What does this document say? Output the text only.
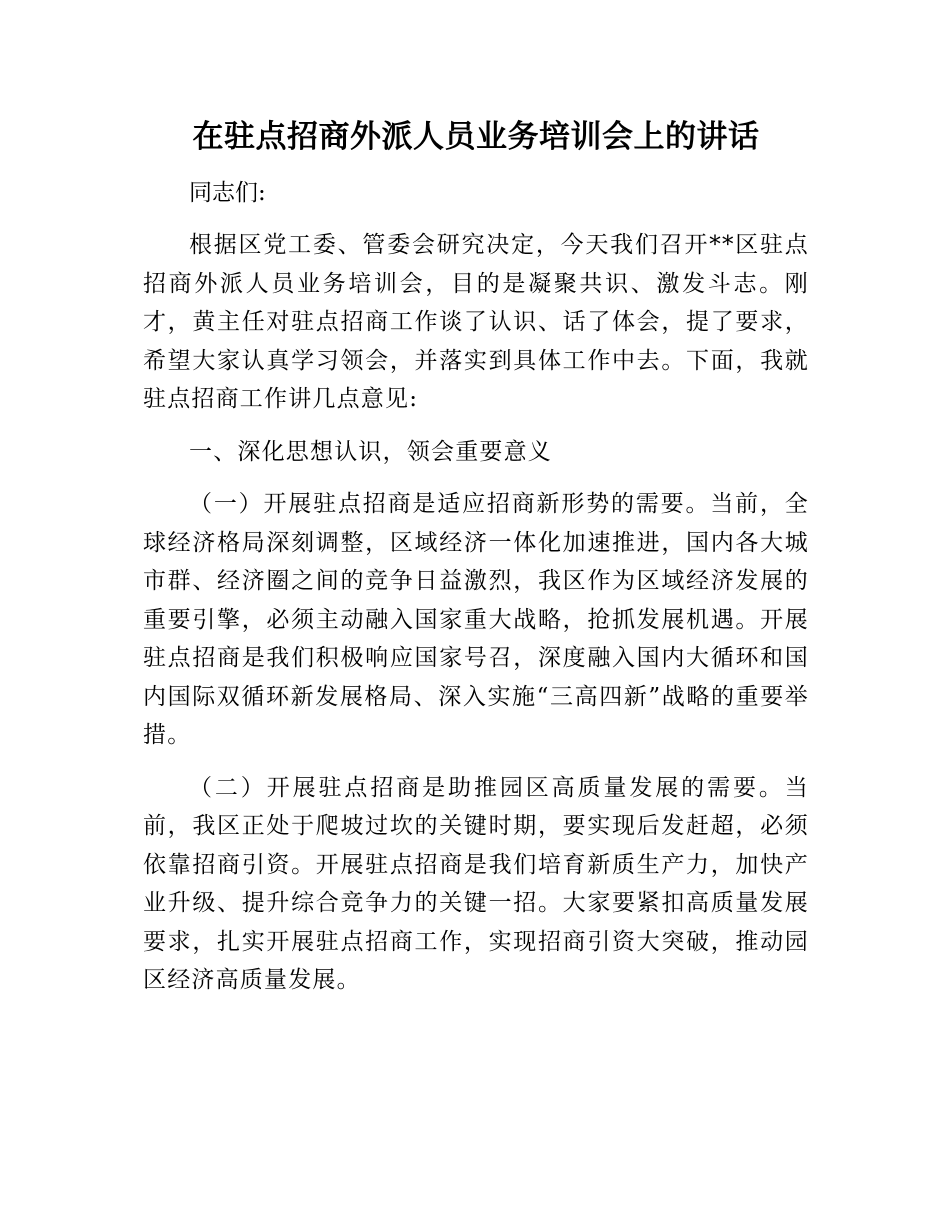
在驻点招商外派人员业务培训会上的讲话

同志们:

根据区党工委、管委会研究决定，今天我们召开**区驻点招商外派人员业务培训会，目的是凝聚共识、激发斗志。刚才，黄主任对驻点招商工作谈了认识、话了体会，提了要求，希望大家认真学习领会，并落实到具体工作中去。下面，我就驻点招商工作讲几点意见:

一、深化思想认识，领会重要意义

（一）开展驻点招商是适应招商新形势的需要。当前，全球经济格局深刻调整，区域经济一体化加速推进，国内各大城市群、经济圈之间的竞争日益激烈，我区作为区域经济发展的重要引擎，必须主动融入国家重大战略，抢抓发展机遇。开展驻点招商是我们积极响应国家号召，深度融入国内大循环和国内国际双循环新发展格局、深入实施“三高四新”战略的重要举措。

（二）开展驻点招商是助推园区高质量发展的需要。当前，我区正处于爬坡过坎的关键时期，要实现后发赶超，必须依靠招商引资。开展驻点招商是我们培育新质生产力，加快产业升级、提升综合竞争力的关键一招。大家要紧扣高质量发展要求，扎实开展驻点招商工作，实现招商引资大突破，推动园区经济高质量发展。
